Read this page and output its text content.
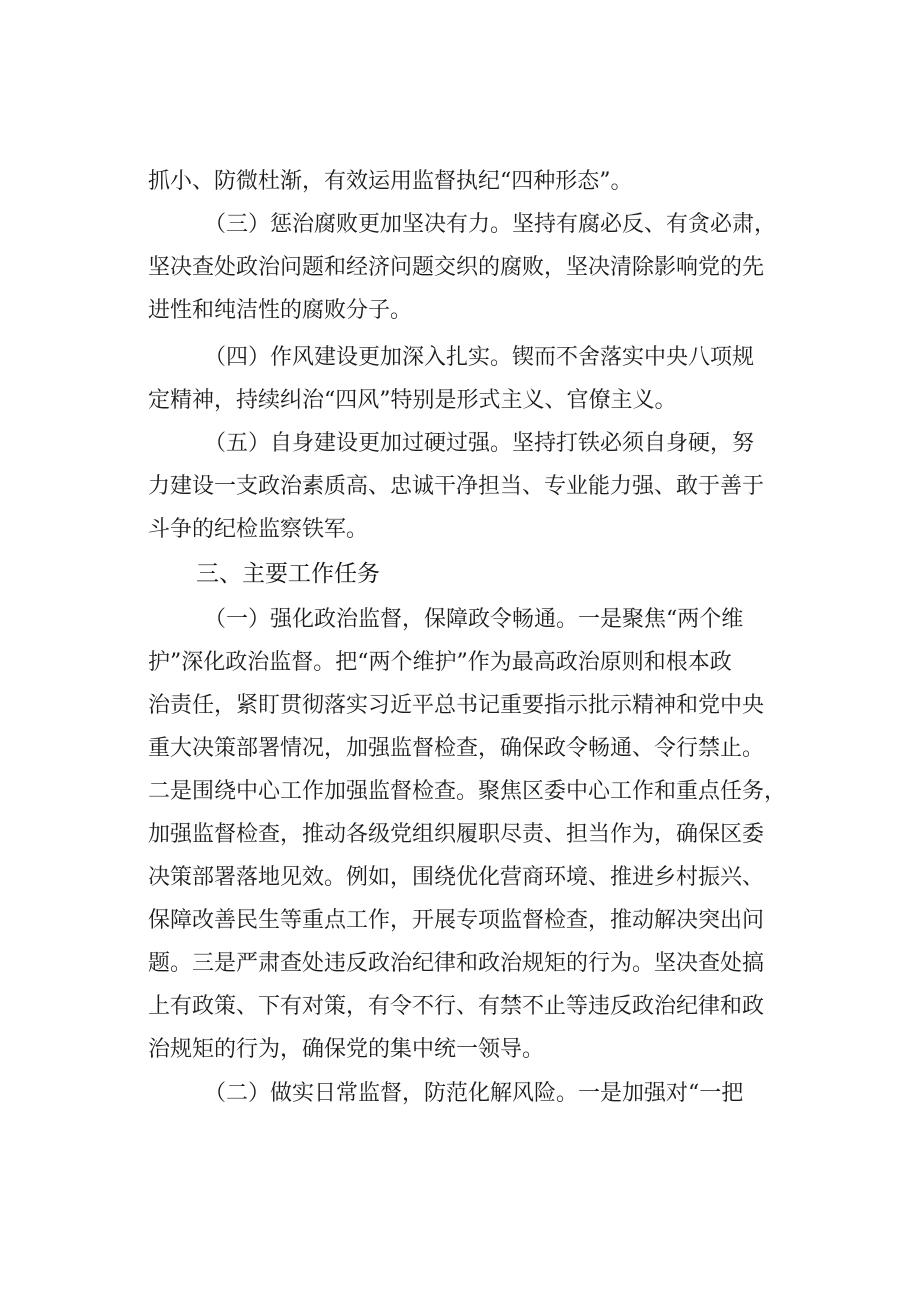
抓小、防微杜渐，有效运用监督执纪“四种形态”。
（三）惩治腐败更加坚决有力。坚持有腐必反、有贪必肃，
坚决查处政治问题和经济问题交织的腐败，坚决清除影响党的先
进性和纯洁性的腐败分子。
（四）作风建设更加深入扎实。锲而不舍落实中央八项规
定精神，持续纠治“四风”特别是形式主义、官僚主义。
（五）自身建设更加过硬过强。坚持打铁必须自身硬，努
力建设一支政治素质高、忠诚干净担当、专业能力强、敢于善于
斗争的纪检监察铁军。
三、主要工作任务
（一）强化政治监督，保障政令畅通。一是聚焦“两个维
护”深化政治监督。把“两个维护”作为最高政治原则和根本政
治责任，紧盯贯彻落实习近平总书记重要指示批示精神和党中央
重大决策部署情况，加强监督检查，确保政令畅通、令行禁止。
二是围绕中心工作加强监督检查。聚焦区委中心工作和重点任务，
加强监督检查，推动各级党组织履职尽责、担当作为，确保区委
决策部署落地见效。例如，围绕优化营商环境、推进乡村振兴、
保障改善民生等重点工作，开展专项监督检查，推动解决突出问
题。三是严肃查处违反政治纪律和政治规矩的行为。坚决查处搞
上有政策、下有对策，有令不行、有禁不止等违反政治纪律和政
治规矩的行为，确保党的集中统一领导。
（二）做实日常监督，防范化解风险。一是加强对“一把
